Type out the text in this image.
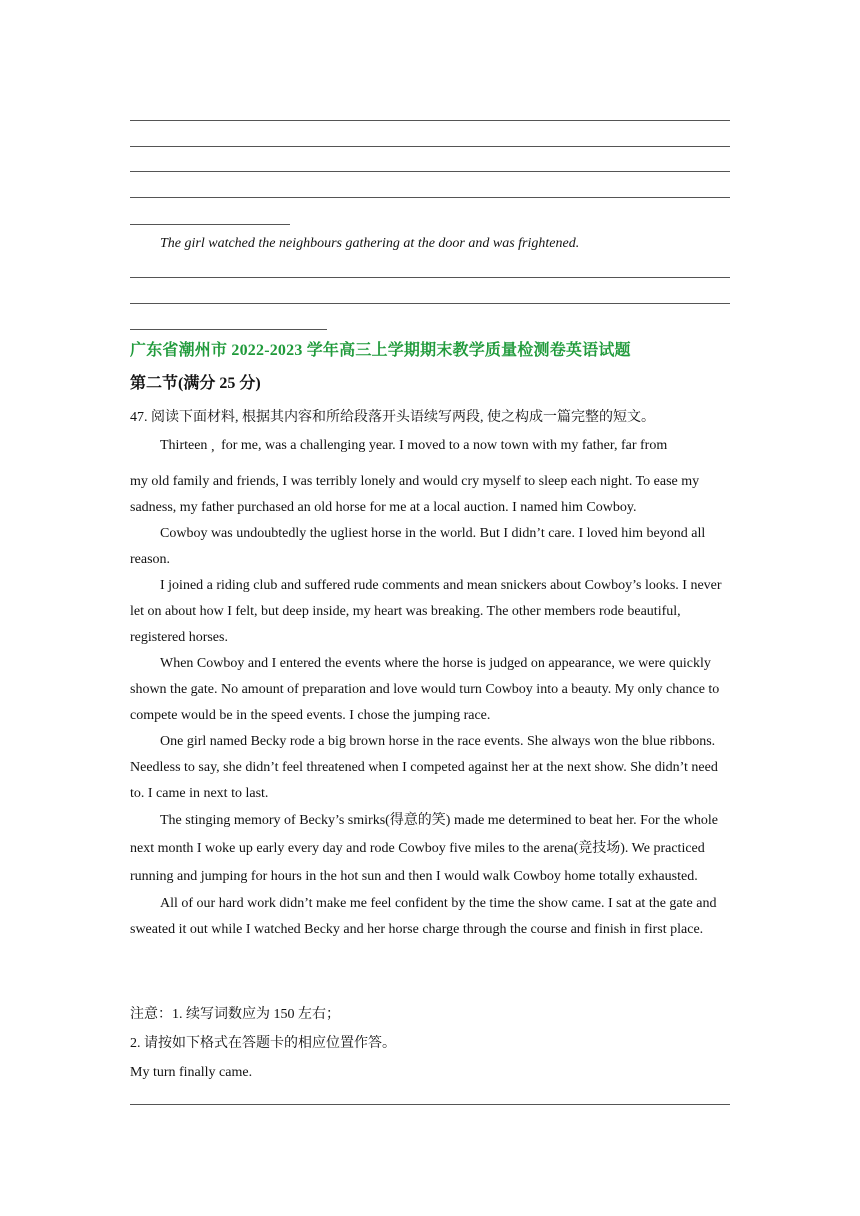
The girl watched the neighbours gathering at the door and was frightened.
广东省潮州市 2022-2023 学年高三上学期期末教学质量检测卷英语试题
第二节(满分 25 分)
47. 阅读下面材料, 根据其内容和所给段落开头语续写两段, 使之构成一篇完整的短文。
Thirteen’for me, was a challenging year. I moved to a now town with my father, far from

my old family and friends, I was terribly lonely and would cry myself to sleep each night. To ease my sadness, my father purchased an old horse for me at a local auction. I named him Cowboy.

Cowboy was undoubtedly the ugliest horse in the world. But I didn’t care. I loved him beyond all reason.

I joined a riding club and suffered rude comments and mean snickers about Cowboy’s looks. I never let on about how I felt, but deep inside, my heart was breaking. The other members rode beautiful, registered horses.

When Cowboy and I entered the events where the horse is judged on appearance, we were quickly shown the gate. No amount of preparation and love would turn Cowboy into a beauty. My only chance to compete would be in the speed events. I chose the jumping race.

One girl named Becky rode a big brown horse in the race events. She always won the blue ribbons. Needless to say, she didn’t feel threatened when I competed against her at the next show. She didn’t need to. I came in next to last.

The stinging memory of Becky’s smirks(得意的笑) made me determined to beat her. For the whole next month I woke up early every day and rode Cowboy five miles to the arena(竞技场). We practiced running and jumping for hours in the hot sun and then I would walk Cowboy home totally exhausted.

All of our hard work didn’t make me feel confident by the time the show came. I sat at the gate and sweated it out while I watched Becky and her horse charge through the course and finish in first place.

注意：1. 续写词数应为 150 左右；
2. 请按如下格式在答题卡的相应位置作答。
My turn finally came.
